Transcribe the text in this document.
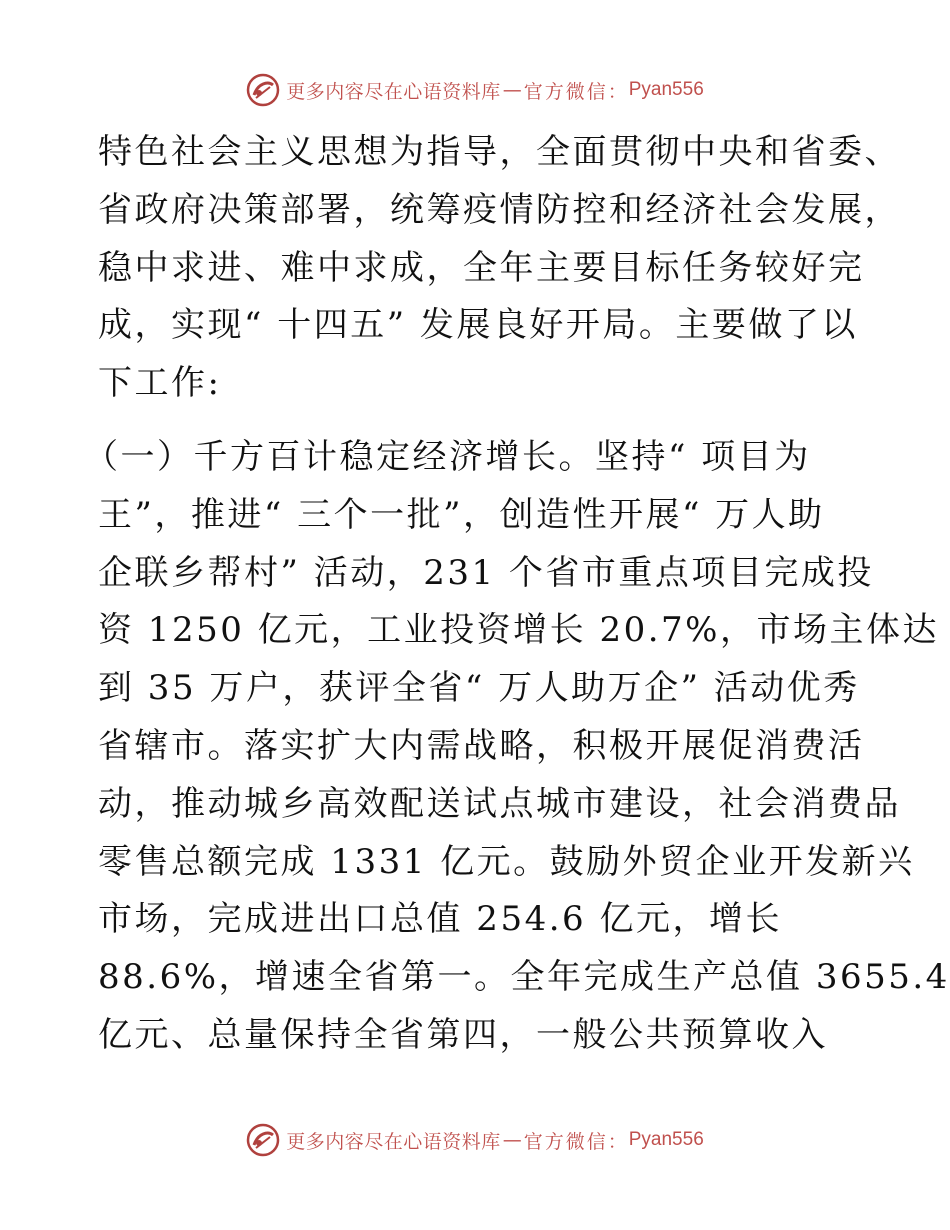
更多内容尽在心语资料库 — 官方微信： Pyan556
特色社会主义思想为指导，全面贯彻中央和省委、
省政府决策部署，统筹疫情防控和经济社会发展，
稳中求进、难中求成，全年主要目标任务较好完
成，实现“ 十四五” 发展良好开局。主要做了以
下工作:
（一）千方百计稳定经济增长。坚持“ 项目为
王”，推进“ 三个一批”，创造性开展“ 万人助
企联乡帮村” 活动，231 个省市重点项目完成投
资 1250 亿元，工业投资增长 20.7%，市场主体达
到 35 万户，获评全省“ 万人助万企” 活动优秀
省辖市。落实扩大内需战略，积极开展促消费活
动，推动城乡高效配送试点城市建设，社会消费品
零售总额完成 1331 亿元。鼓励外贸企业开发新兴
市场，完成进出口总值 254.6 亿元，增长
88.6%，增速全省第一。全年完成生产总值 3655.4
亿元、总量保持全省第四，一般公共预算收入
更多内容尽在心语资料库 — 官方微信： Pyan556
